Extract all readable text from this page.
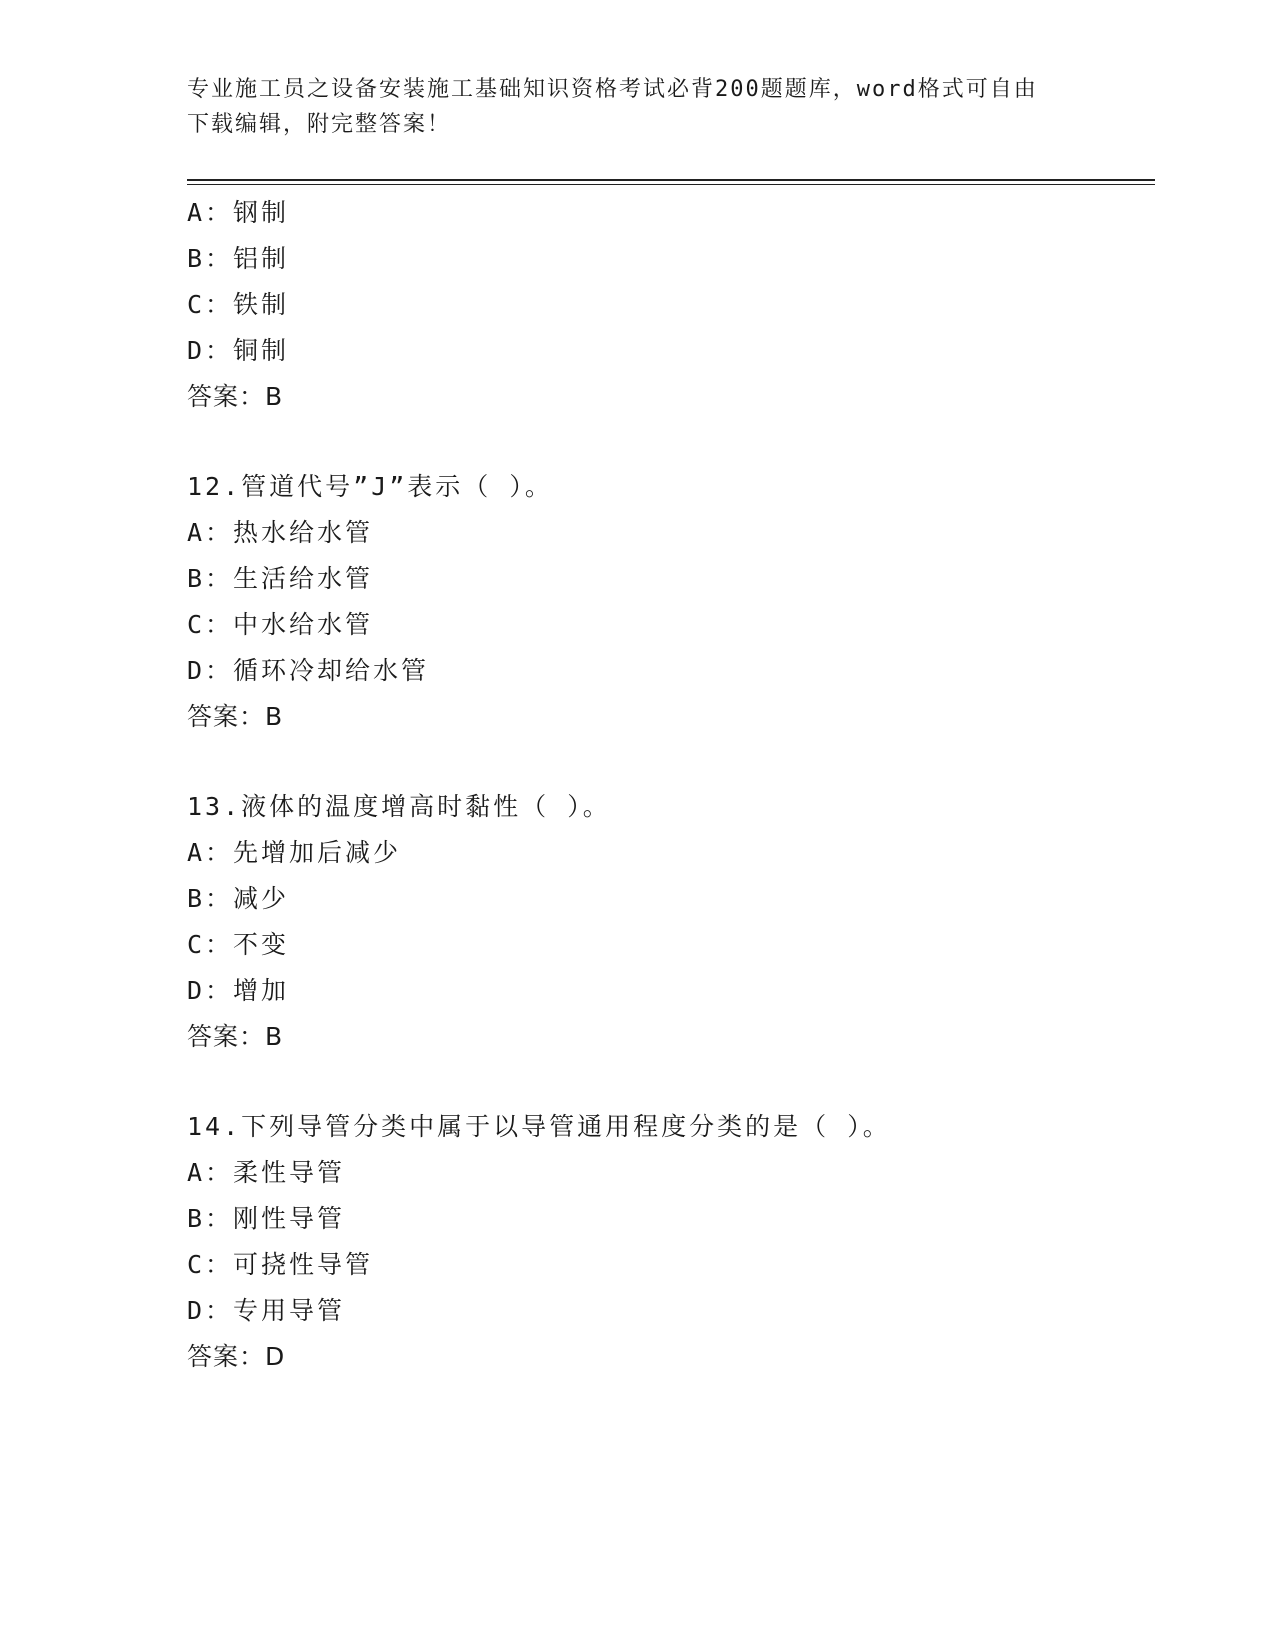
专业施工员之设备安装施工基础知识资格考试必背200题题库，word格式可自由
下载编辑，附完整答案！
A：钢制
B：铝制
C：铁制
D：铜制
答案：B
12.管道代号”J”表示（ ）。
A：热水给水管
B：生活给水管
C：中水给水管
D：循环冷却给水管
答案：B
13.液体的温度增高时黏性（ ）。
A：先增加后减少
B：减少
C：不变
D：增加
答案：B
14.下列导管分类中属于以导管通用程度分类的是（ ）。
A：柔性导管
B：刚性导管
C：可挠性导管
D：专用导管
答案：D
